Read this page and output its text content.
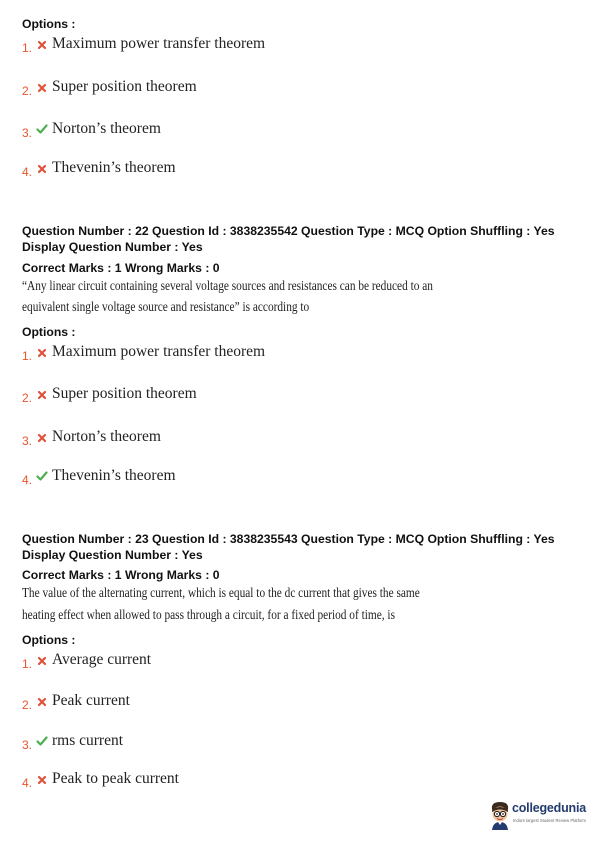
Options :
1. Maximum power transfer theorem
2. Super position theorem
3. Norton’s theorem
4. Thevenin’s theorem
Question Number : 22 Question Id : 3838235542 Question Type : MCQ Option Shuffling : Yes
Display Question Number : Yes
Correct Marks : 1 Wrong Marks : 0
“Any linear circuit containing several voltage sources and resistances can be reduced to an
equivalent single voltage source and resistance” is according to
Options :
1. Maximum power transfer theorem
2. Super position theorem
3. Norton’s theorem
4. Thevenin’s theorem
Question Number : 23 Question Id : 3838235543 Question Type : MCQ Option Shuffling : Yes
Display Question Number : Yes
Correct Marks : 1 Wrong Marks : 0
The value of the alternating current, which is equal to the dc current that gives the same
heating effect when allowed to pass through a circuit, for a fixed period of time, is
Options :
1. Average current
2. Peak current
3. rms current
4. Peak to peak current
collegedunia
India's largest Student Review Platform
